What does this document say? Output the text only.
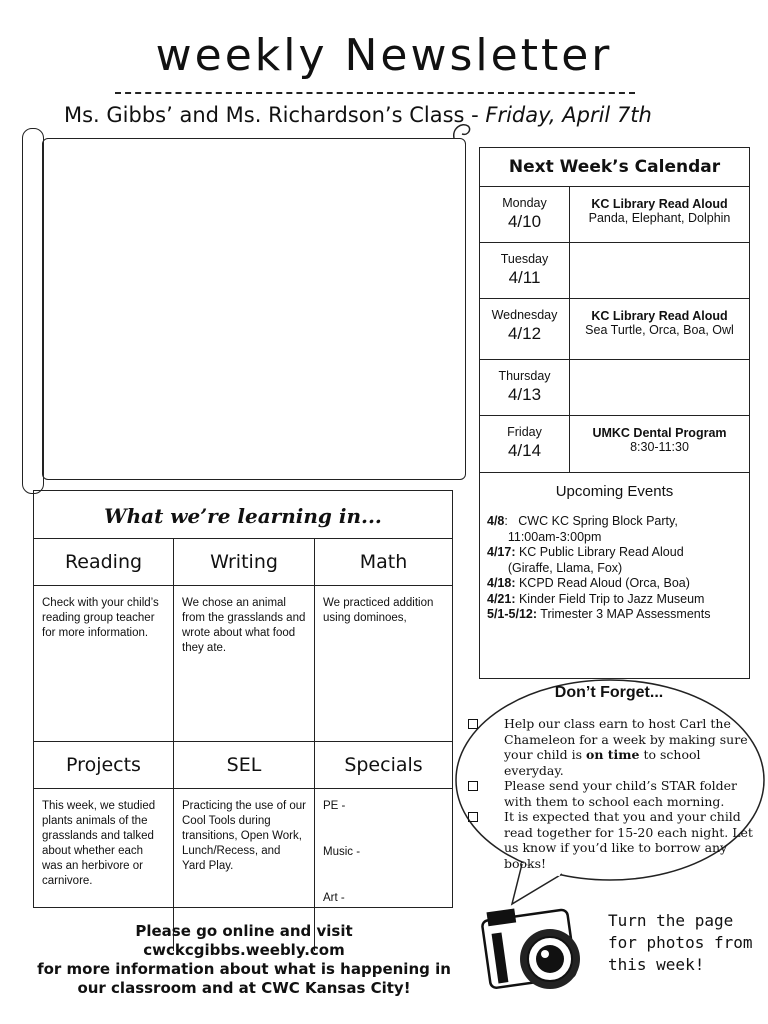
weekly Newsletter
Ms. Gibbs’ and Ms. Richardson’s Class - Friday, April 7th
Next Week’s Calendar
Monday
4/10
KC Library Read Aloud
Panda, Elephant, Dolphin
Tuesday
4/11
Wednesday
4/12
KC Library Read Aloud
Sea Turtle, Orca, Boa, Owl
Thursday
4/13
Friday
4/14
UMKC Dental Program
8:30-11:30
Upcoming Events
4/8:   CWC KC Spring Block Party,
11:00am-3:00pm
4/17: KC Public Library Read Aloud
(Giraffe, Llama, Fox)
4/18: KCPD Read Aloud (Orca, Boa)
4/21: Kinder Field Trip to Jazz Museum
5/1-5/12: Trimester 3 MAP Assessments
What we’re learning in...
Reading
Check with your child’s reading group teacher for more information.
Writing
We chose an animal from the grasslands and wrote about what food they ate.
Math
We practiced addition using dominoes,
Projects
This week, we studied plants animals of the grasslands and talked about whether each was an herbivore or carnivore.
SEL
Practicing the use of our Cool Tools during transitions, Open Work, Lunch/Recess, and Yard Play.
Specials
PE -
Music -
Art -
Please go online and visit cwckcgibbs.weebly.com
for more information about what is happening in our classroom and at CWC Kansas City!
Don’t Forget...
Help our class earn to host Carl the Chameleon for a week by making sure your child is on time to school everyday.
Please send your child’s STAR folder with them to school each morning.
It is expected that you and your child read together for 15-20 each night. Let us know if you’d like to borrow any books!
Turn the page for photos from this week!
